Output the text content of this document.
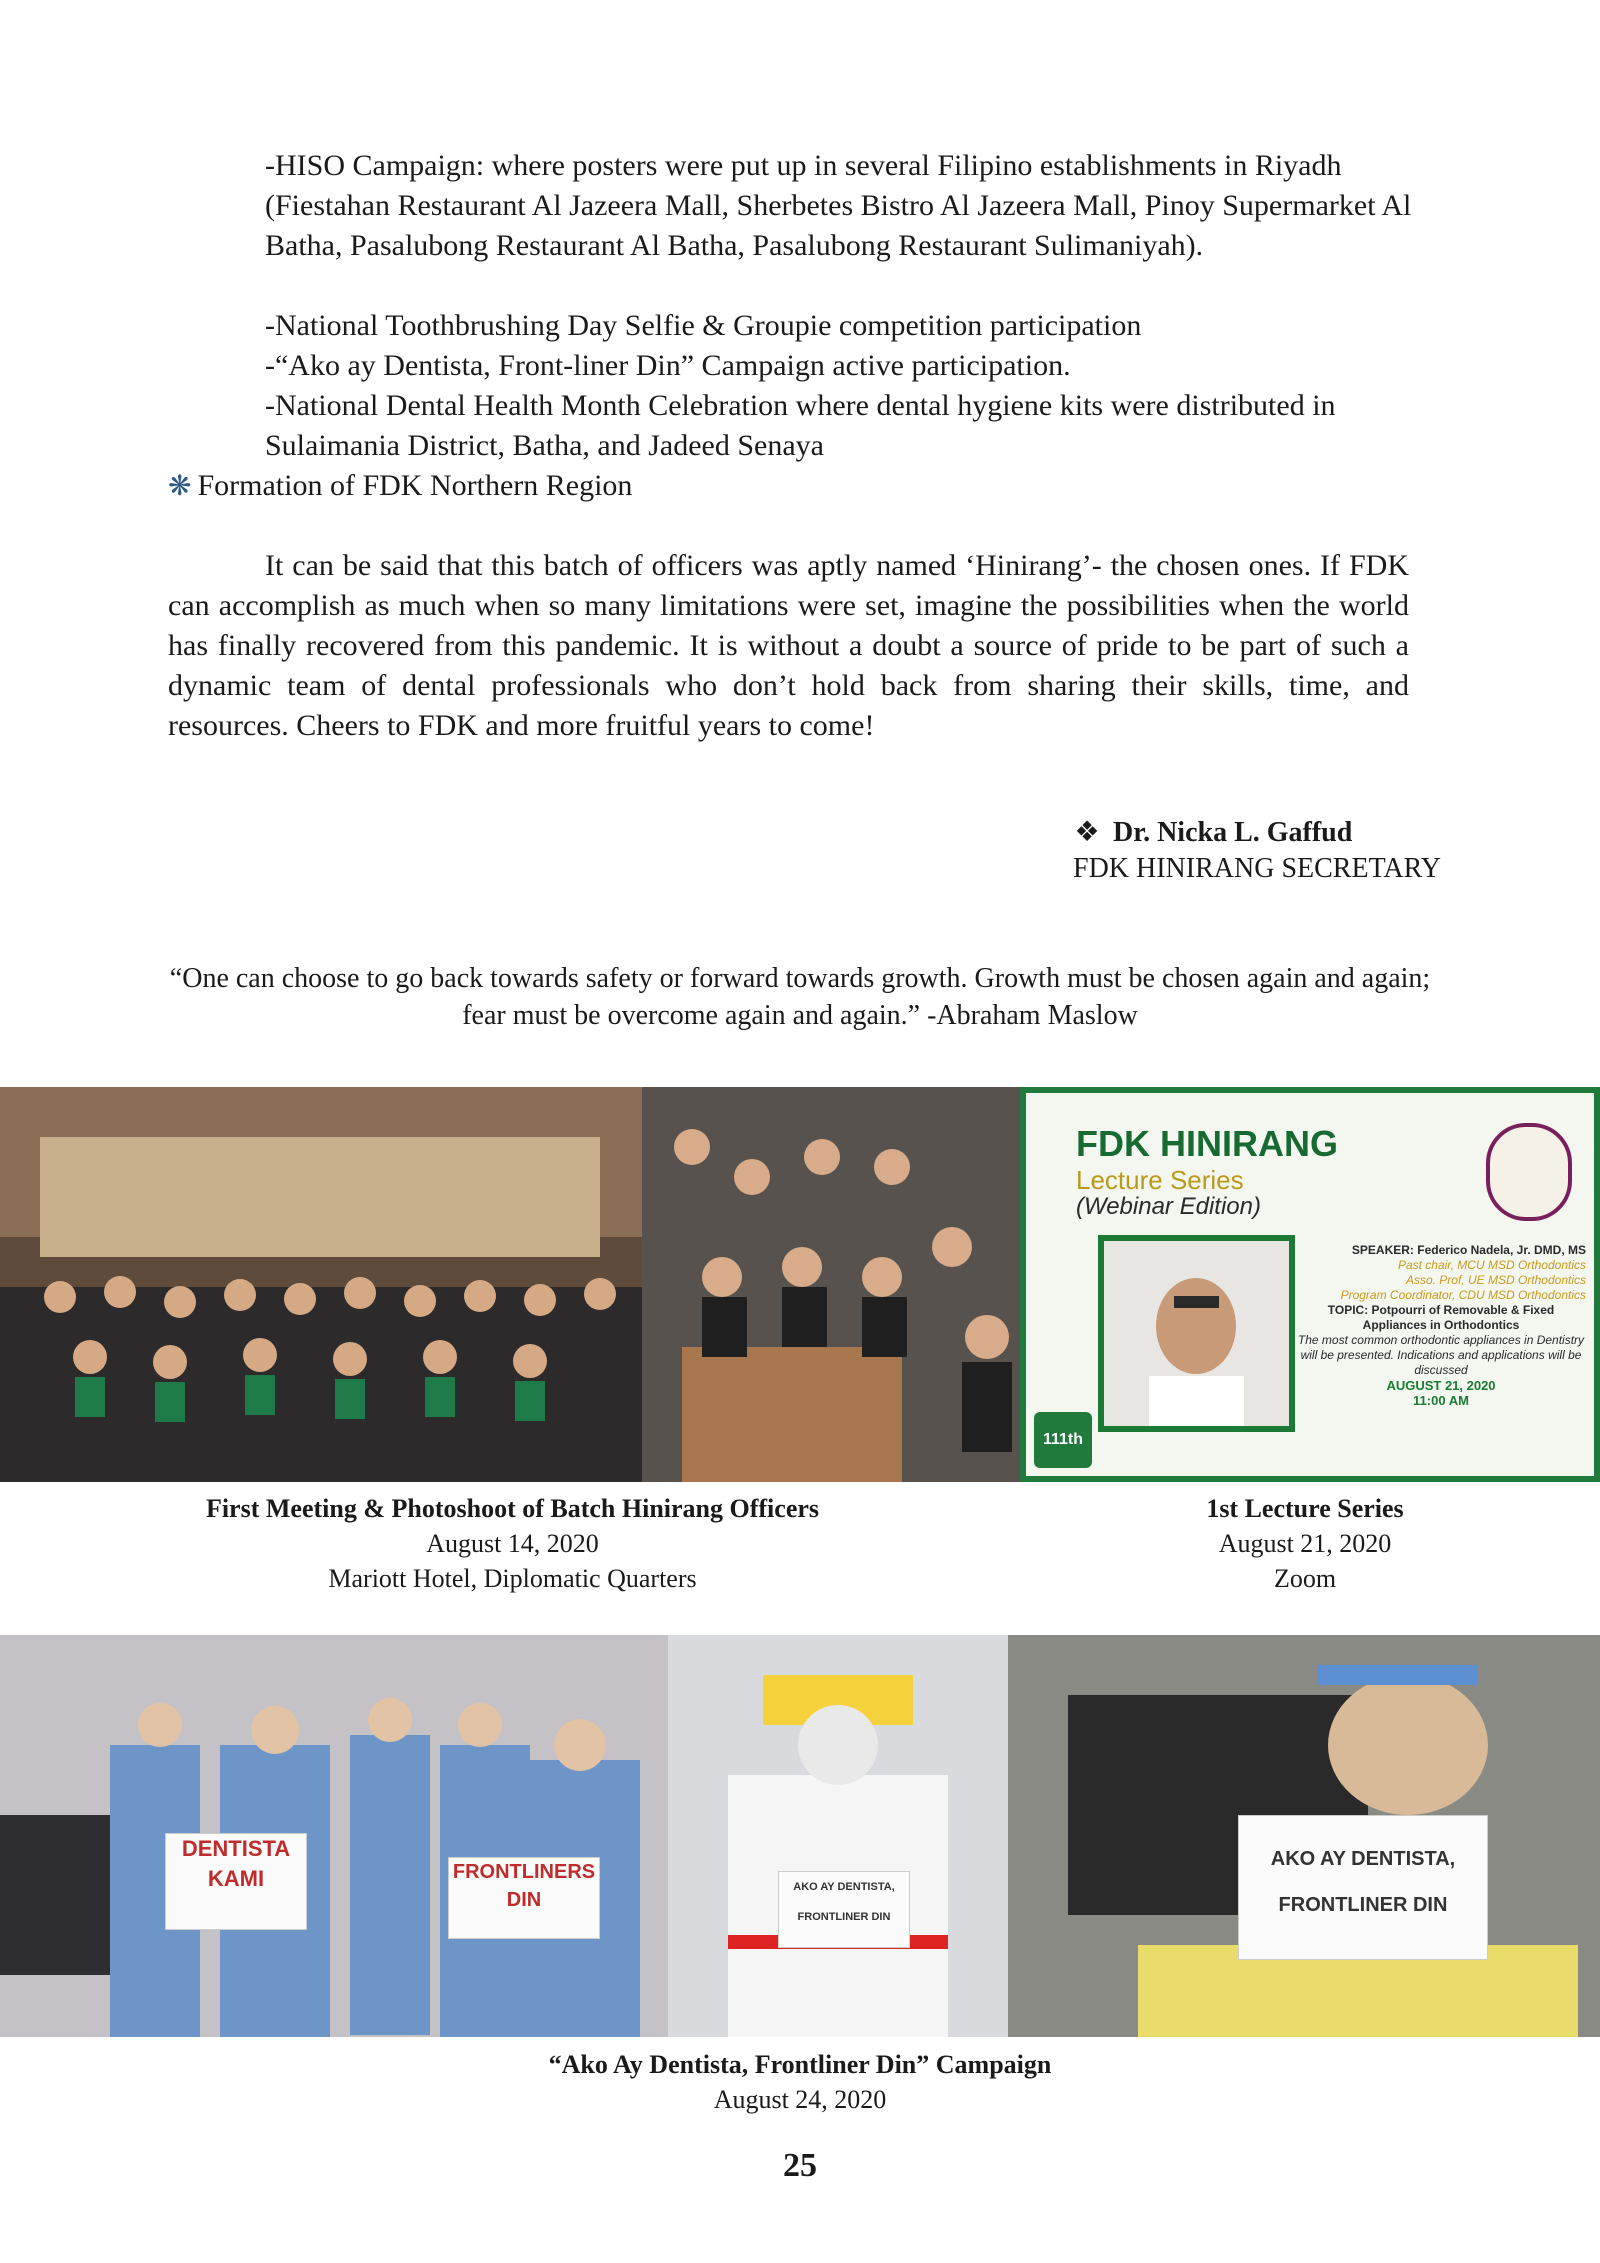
-HISO Campaign: where posters were put up in several Filipino establishments in Riyadh (Fiestahan Restaurant Al Jazeera Mall, Sherbetes Bistro Al Jazeera Mall, Pinoy Supermarket Al Batha, Pasalubong Restaurant Al Batha, Pasalubong Restaurant Sulimaniyah).

-National Toothbrushing Day Selfie & Groupie competition participation

-“Ako ay Dentista, Front-liner Din” Campaign active participation.

-National Dental Health Month Celebration where dental hygiene kits were distributed in Sulaimania District, Batha, and Jadeed Senaya

❋ Formation of FDK Northern Region

It can be said that this batch of officers was aptly named ‘Hinirang’- the chosen ones. If FDK can accomplish as much when so many limitations were set, imagine the possibilities when the world has finally recovered from this pandemic. It is without a doubt a source of pride to be part of such a dynamic team of dental professionals who don’t hold back from sharing their skills, time, and resources. Cheers to FDK and more fruitful years to come!

❖ Dr. Nicka L. Gaffud
FDK HINIRANG SECRETARY

“One can choose to go back towards safety or forward towards growth. Growth must be chosen again and again; fear must be overcome again and again.” -Abraham Maslow

FDK HINIRANG
Lecture Series
(Webinar Edition)
SPEAKER: Federico Nadela, Jr. DMD, MS
Past chair, MCU MSD Orthodontics
Asso. Prof, UE MSD Orthodontics
Program Coordinator, CDU MSD Orthodontics
TOPIC: Potpourri of Removable & Fixed Appliances in Orthodontics
The most common orthodontic appliances in Dentistry will be presented. Indications and applications will be discussed
AUGUST 21, 2020
11:00 AM
111th
First Meeting & Photoshoot of Batch Hinirang Officers
August 14, 2020
Mariott Hotel, Diplomatic Quarters
1st Lecture Series
August 21, 2020
Zoom
DENTISTA
KAMI	FRONTLINERS
DIN
AKO AY DENTISTA,
FRONTLINER DIN
AKO AY DENTISTA,
FRONTLINER DIN
“Ako Ay Dentista, Frontliner Din” Campaign
August 24, 2020
25
